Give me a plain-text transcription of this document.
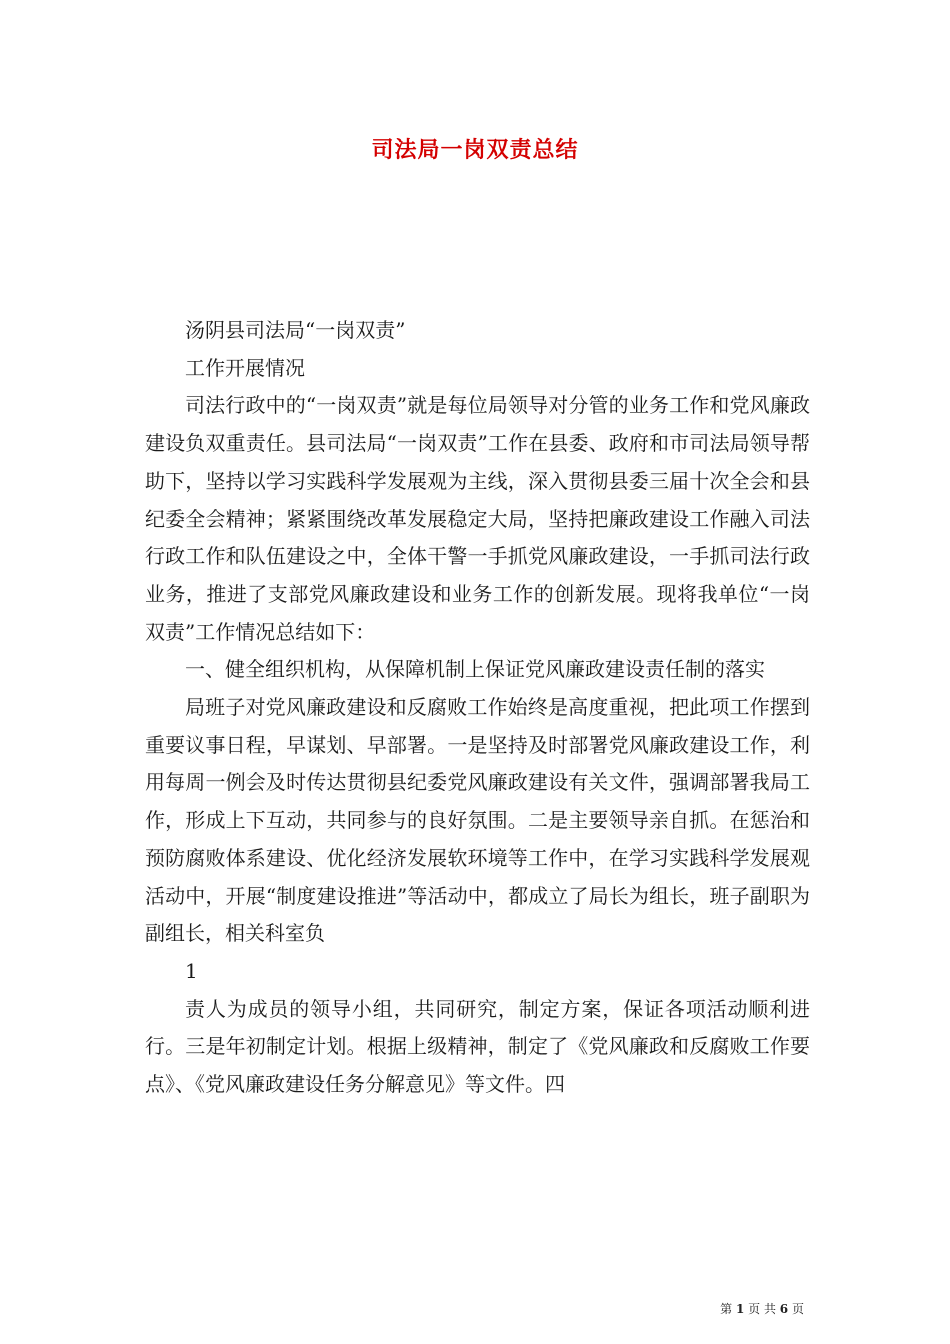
司法局一岗双责总结

汤阴县司法局“一岗双责”

工作开展情况

司法行政中的“一岗双责”就是每位局领导对分管的业务工作和党风廉政建设负双重责任。县司法局“一岗双责”工作在县委、政府和市司法局领导帮助下，坚持以学习实践科学发展观为主线，深入贯彻县委三届十次全会和县纪委全会精神；紧紧围绕改革发展稳定大局，坚持把廉政建设工作融入司法行政工作和队伍建设之中，全体干警一手抓党风廉政建设，一手抓司法行政业务，推进了支部党风廉政建设和业务工作的创新发展。现将我单位“一岗双责”工作情况总结如下：

一、健全组织机构，从保障机制上保证党风廉政建设责任制的落实

局班子对党风廉政建设和反腐败工作始终是高度重视，把此项工作摆到重要议事日程，早谋划、早部署。一是坚持及时部署党风廉政建设工作，利用每周一例会及时传达贯彻县纪委党风廉政建设有关文件，强调部署我局工作，形成上下互动，共同参与的良好氛围。二是主要领导亲自抓。在惩治和预防腐败体系建设、优化经济发展软环境等工作中，在学习实践科学发展观活动中，开展“制度建设推进”等活动中，都成立了局长为组长，班子副职为副组长，相关科室负

1

责人为成员的领导小组，共同研究，制定方案，保证各项活动顺利进行。三是年初制定计划。根据上级精神，制定了《党风廉政和反腐败工作要点》、《党风廉政建设任务分解意见》等文件。四

第 1 页 共 6 页
